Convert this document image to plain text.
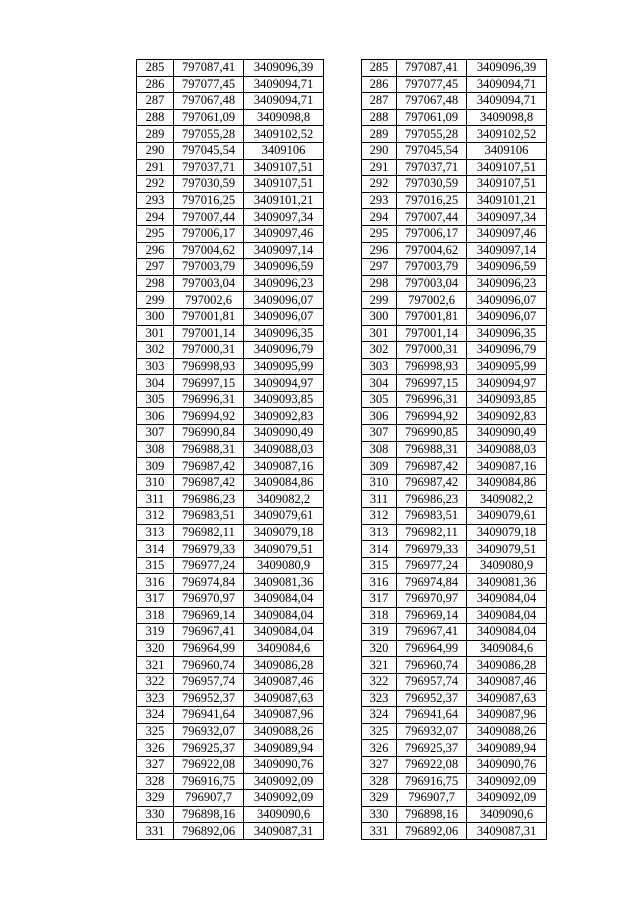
285	797087,41	3409096,39
286	797077,45	3409094,71
287	797067,48	3409094,71
288	797061,09	3409098,8
289	797055,28	3409102,52
290	797045,54	3409106
291	797037,71	3409107,51
292	797030,59	3409107,51
293	797016,25	3409101,21
294	797007,44	3409097,34
295	797006,17	3409097,46
296	797004,62	3409097,14
297	797003,79	3409096,59
298	797003,04	3409096,23
299	797002,6	3409096,07
300	797001,81	3409096,07
301	797001,14	3409096,35
302	797000,31	3409096,79
303	796998,93	3409095,99
304	796997,15	3409094,97
305	796996,31	3409093,85
306	796994,92	3409092,83
307	796990,84	3409090,49
308	796988,31	3409088,03
309	796987,42	3409087,16
310	796987,42	3409084,86
311	796986,23	3409082,2
312	796983,51	3409079,61
313	796982,11	3409079,18
314	796979,33	3409079,51
315	796977,24	3409080,9
316	796974,84	3409081,36
317	796970,97	3409084,04
318	796969,14	3409084,04
319	796967,41	3409084,04
320	796964,99	3409084,6
321	796960,74	3409086,28
322	796957,74	3409087,46
323	796952,37	3409087,63
324	796941,64	3409087,96
325	796932,07	3409088,26
326	796925,37	3409089,94
327	796922,08	3409090,76
328	796916,75	3409092,09
329	796907,7	3409092,09
330	796898,16	3409090,6
331	796892,06	3409087,31
285	797087,41	3409096,39
286	797077,45	3409094,71
287	797067,48	3409094,71
288	797061,09	3409098,8
289	797055,28	3409102,52
290	797045,54	3409106
291	797037,71	3409107,51
292	797030,59	3409107,51
293	797016,25	3409101,21
294	797007,44	3409097,34
295	797006,17	3409097,46
296	797004,62	3409097,14
297	797003,79	3409096,59
298	797003,04	3409096,23
299	797002,6	3409096,07
300	797001,81	3409096,07
301	797001,14	3409096,35
302	797000,31	3409096,79
303	796998,93	3409095,99
304	796997,15	3409094,97
305	796996,31	3409093,85
306	796994,92	3409092,83
307	796990,85	3409090,49
308	796988,31	3409088,03
309	796987,42	3409087,16
310	796987,42	3409084,86
311	796986,23	3409082,2
312	796983,51	3409079,61
313	796982,11	3409079,18
314	796979,33	3409079,51
315	796977,24	3409080,9
316	796974,84	3409081,36
317	796970,97	3409084,04
318	796969,14	3409084,04
319	796967,41	3409084,04
320	796964,99	3409084,6
321	796960,74	3409086,28
322	796957,74	3409087,46
323	796952,37	3409087,63
324	796941,64	3409087,96
325	796932,07	3409088,26
326	796925,37	3409089,94
327	796922,08	3409090,76
328	796916,75	3409092,09
329	796907,7	3409092,09
330	796898,16	3409090,6
331	796892,06	3409087,31
